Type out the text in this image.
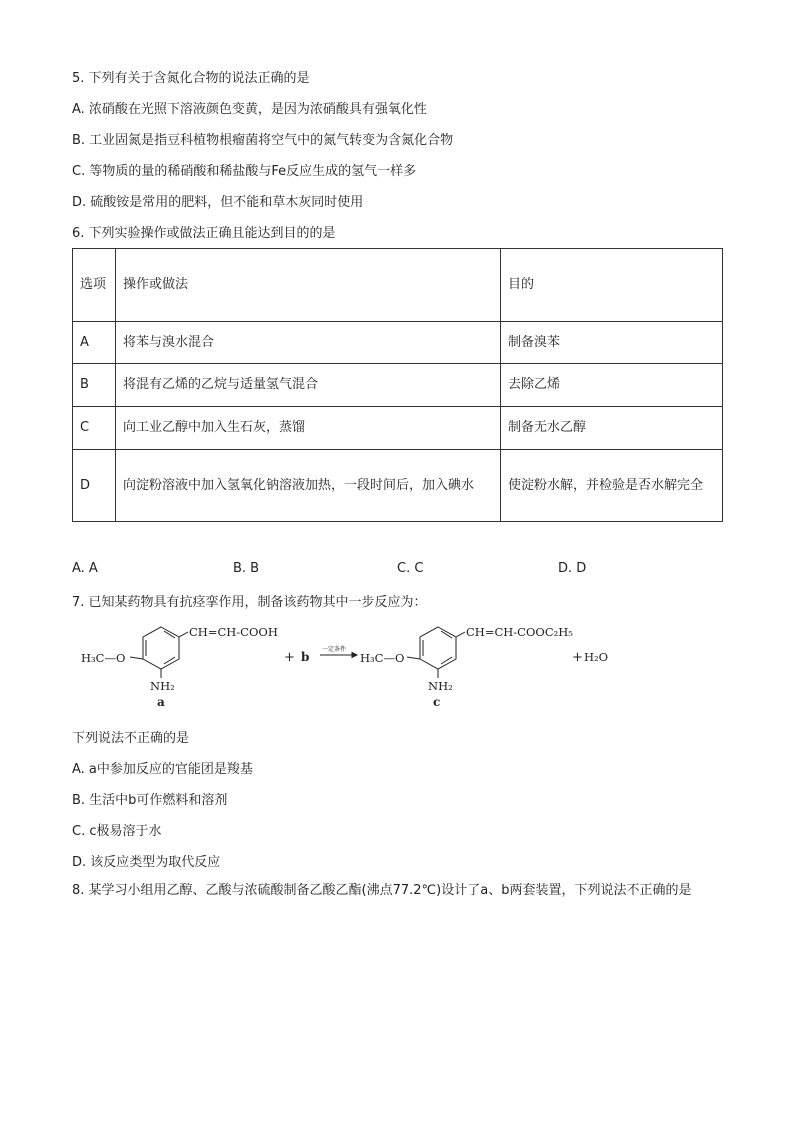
5. 下列有关于含氮化合物的说法正确的是
A. 浓硝酸在光照下溶液颜色变黄，是因为浓硝酸具有强氧化性
B. 工业固氮是指豆科植物根瘤菌将空气中的氮气转变为含氮化合物
C. 等物质的量的稀硝酸和稀盐酸与Fe反应生成的氢气一样多
D. 硫酸铵是常用的肥料，但不能和草木灰同时使用
6. 下列实验操作或做法正确且能达到目的的是
选项	操作或做法	目的
A	将苯与溴水混合	制备溴苯
B	将混有乙烯的乙烷与适量氢气混合	去除乙烯
C	向工业乙醇中加入生石灰，蒸馏	制备无水乙醇
D	向淀粉溶液中加入氢氧化钠溶液加热，一段时间后，加入碘水	使淀粉水解，并检验是否水解完全
A. A	B. B	C. C	D. D
7. 已知某药物具有抗痉挛作用，制备该药物其中一步反应为：
CH=CH-COOH
H₃C—O
NH₂
a
+ b
一定条件
H₃C—O
CH=CH-COOC₂H₅
NH₂
c
+ H₂O
下列说法不正确的是
A. a中参加反应的官能团是羧基
B. 生活中b可作燃料和溶剂
C. c极易溶于水
D. 该反应类型为取代反应
8. 某学习小组用乙醇、乙酸与浓硫酸制备乙酸乙酯(沸点77.2℃)设计了a、b两套装置，下列说法不正确的是
